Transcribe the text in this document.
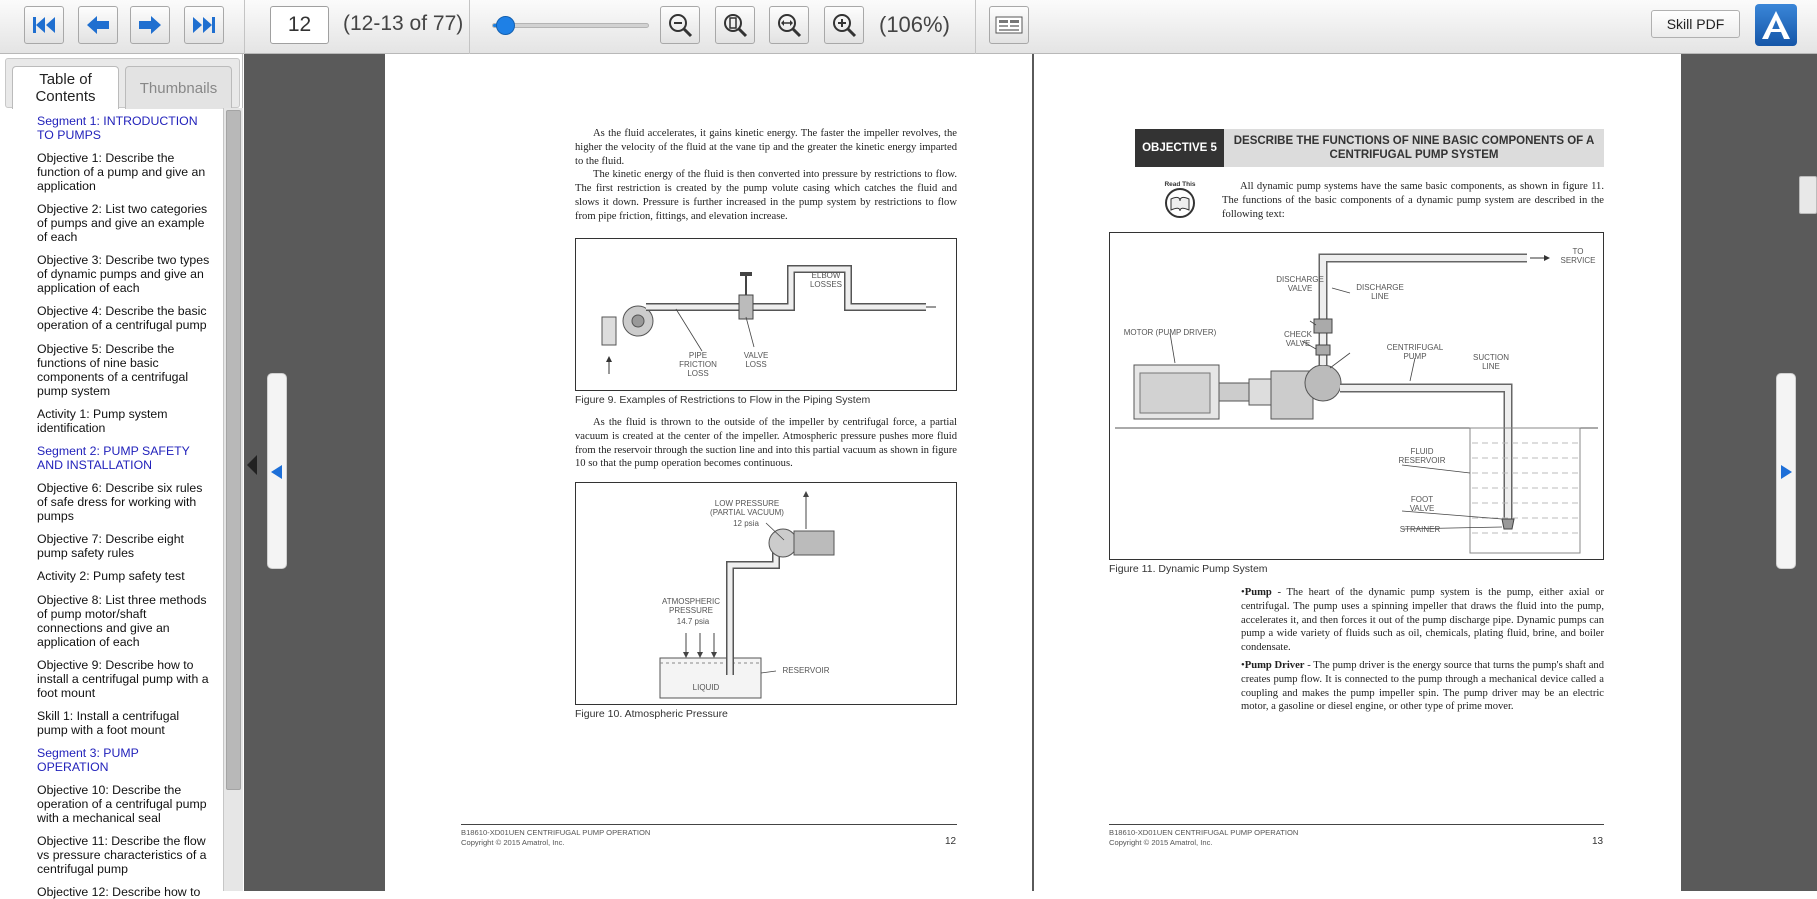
12
(12-13 of 77)	(106%)	Skill PDF
Table of Contents	Thumbnails
Segment 1: INTRODUCTION TO PUMPS
Objective 1: Describe the function of a pump and give an application
Objective 2: List two categories of pumps and give an example of each
Objective 3: Describe two types of dynamic pumps and give an application of each
Objective 4: Describe the basic operation of a centrifugal pump
Objective 5: Describe the functions of nine basic components of a centrifugal pump system
Activity 1: Pump system identification
Segment 2: PUMP SAFETY AND INSTALLATION
Objective 6: Describe six rules of safe dress for working with pumps
Objective 7: Describe eight pump safety rules
Activity 2: Pump safety test
Objective 8: List three methods of pump motor/shaft connections and give an application of each
Objective 9: Describe how to install a centrifugal pump with a foot mount
Skill 1: Install a centrifugal pump with a foot mount
Segment 3: PUMP OPERATION
Objective 10: Describe the operation of a centrifugal pump with a mechanical seal
Objective 11: Describe the flow vs pressure characteristics of a centrifugal pump
Objective 12: Describe how to

As the fluid accelerates, it gains kinetic energy. The faster the impeller revolves, the higher the velocity of the fluid at the vane tip and the greater the kinetic energy imparted to the fluid.

The kinetic energy of the fluid is then converted into pressure by restrictions to flow. The first restriction is created by the pump volute casing which catches the fluid and slows it down. Pressure is further increased in the pump system by restrictions to flow from pipe friction, fittings, and elevation increase.

ELBOW LOSSES
PIPE FRICTION LOSS
VALVE LOSS
Figure 9. Examples of Restrictions to Flow in the Piping System

As the fluid is thrown to the outside of the impeller by centrifugal force, a partial vacuum is created at the center of the impeller. Atmospheric pressure pushes more fluid from the reservoir through the suction line and into this partial vacuum as shown in figure 10 so that the pump operation becomes continuous.

LOW PRESSURE (PARTIAL VACUUM)
12 psia
ATMOSPHERIC PRESSURE
14.7 psia
RESERVOIR
LIQUID
Figure 10. Atmospheric Pressure
B18610-XD01UEN CENTRIFUGAL PUMP OPERATION
Copyright © 2015 Amatrol, Inc.	12
OBJECTIVE 5
DESCRIBE THE FUNCTIONS OF NINE BASIC COMPONENTS OF A CENTRIFUGAL PUMP SYSTEM
Read This	All dynamic pump systems have the same basic components, as shown in figure 11. The functions of the basic components of a dynamic pump system are described in the following text:

TO SERVICE
DISCHARGE VALVE	DISCHARGE LINE
MOTOR (PUMP DRIVER)	CHECK VALVE	CENTRIFUGAL PUMP	SUCTION LINE
FLUID RESERVOIR
FOOT VALVE
STRAINER
Figure 11. Dynamic Pump System
•Pump - The heart of the dynamic pump system is the pump, either axial or centrifugal. The pump uses a spinning impeller that draws the fluid into the pump, accelerates it, and then forces it out of the pump discharge pipe. Dynamic pumps can pump a wide variety of fluids such as oil, chemicals, plating fluid, brine, and boiler condensate.
•Pump Driver - The pump driver is the energy source that turns the pump's shaft and creates pump flow. It is connected to the pump through a mechanical device called a coupling and makes the pump impeller spin. The pump driver may be an electric motor, a gasoline or diesel engine, or other type of prime mover.
B18610-XD01UEN CENTRIFUGAL PUMP OPERATION
Copyright © 2015 Amatrol, Inc.	13
